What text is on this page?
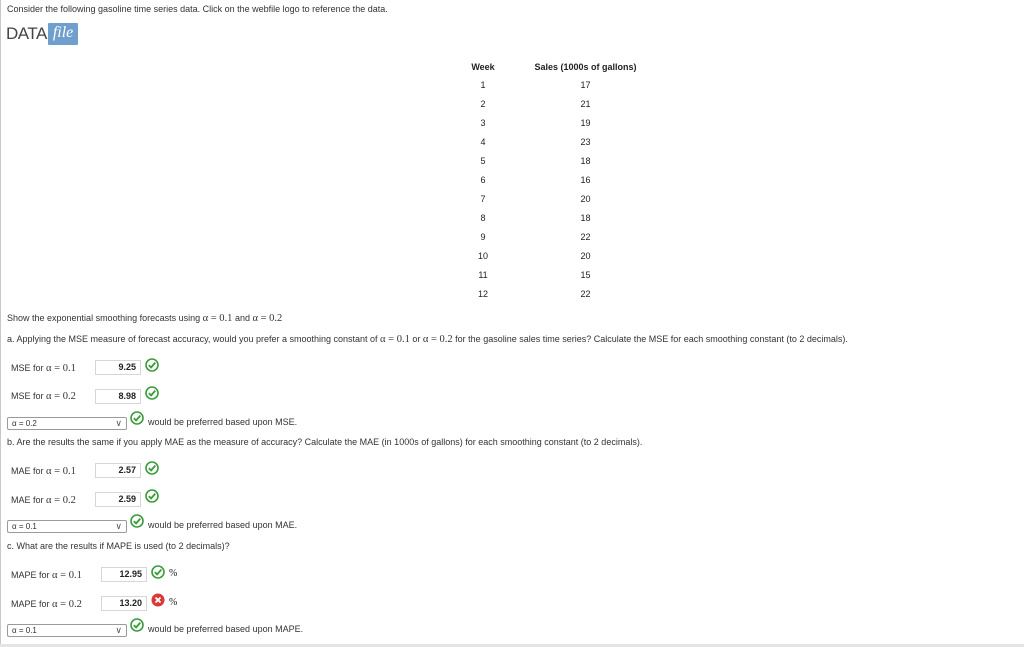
Consider the following gasoline time series data. Click on the webfile logo to reference the data.
DATA file
Week	Sales (1000s of gallons)
1	17
2	21
3	19
4	23
5	18
6	16
7	20
8	18
9	22
10	20
11	15
12	22
Show the exponential smoothing forecasts using α = 0.1 and α = 0.2
a. Applying the MSE measure of forecast accuracy, would you prefer a smoothing constant of α = 0.1 or α = 0.2 for the gasoline sales time series? Calculate the MSE for each smoothing constant (to 2 decimals).
MSE for α = 0.1	9.25
MSE for α = 0.2	8.98
α = 0.2	∨	would be preferred based upon MSE.
b. Are the results the same if you apply MAE as the measure of accuracy? Calculate the MAE (in 1000s of gallons) for each smoothing constant (to 2 decimals).
MAE for α = 0.1	2.57
MAE for α = 0.2	2.59
α = 0.1	∨	would be preferred based upon MAE.
c. What are the results if MAPE is used (to 2 decimals)?
MAPE for α = 0.1	12.95	%
MAPE for α = 0.2	13.20	%
α = 0.1	∨	would be preferred based upon MAPE.
